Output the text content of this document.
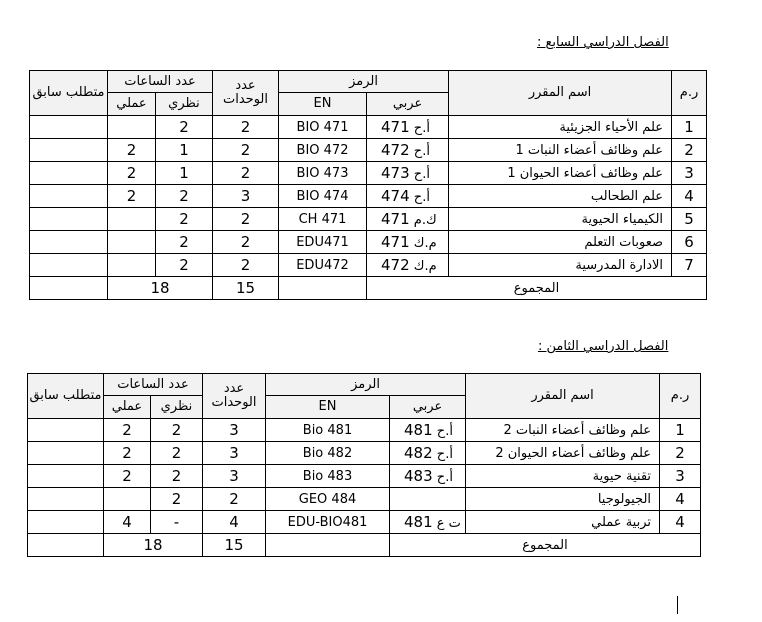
الفصل الدراسي السابع :
ر.م	اسم المقرر	الرمز		عدد الوحدات	عدد الساعات		متطلب سابق
		عربي	EN		نظري	عملي	
1	علم الأحياء الجزيئية	أ.ح 471	BIO 471	2	2		
2	علم وظائف أعضاء النبات 1	أ.ح 472	BIO 472	2	1	2	
3	علم وظائف أعضاء الحيوان 1	أ.ح 473	BIO 473	2	1	2	
4	علم الطحالب	أ.ح 474	BIO 474	3	2	2	
5	الكيمياء الحيوية	ك.م 471	CH 471	2	2		
6	صعوبات التعلم	م.ك 471	EDU471	2	2		
7	الادارة المدرسية	م.ك 472	EDU472	2	2		
المجموع				15	18		
الفصل الدراسي الثامن :
ر.م	اسم المقرر	الرمز		عدد الوحدات	عدد الساعات		متطلب سابق
		عربي	EN		نظري	عملي	
1	علم وظائف أعضاء النبات 2	أ.ح 481	Bio 481	3	2	2	
2	علم وظائف أعضاء الحيوان 2	أ.ح 482	Bio 482	3	2	2	
3	تقنية حيوية	أ.ح 483	Bio 483	3	2	2	
4	الجيولوجيا		GEO 484	2	2		
4	تربية عملي	ت ع 481	EDU-BIO481	4	-	4	
المجموع				15	18		
